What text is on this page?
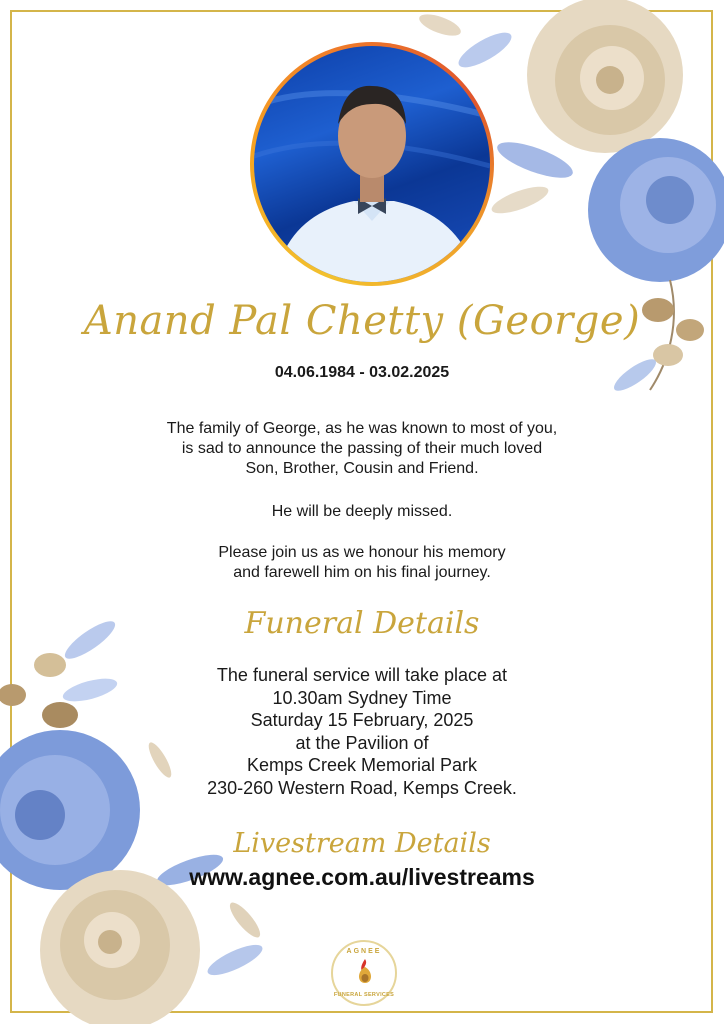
Anand Pal Chetty (George)
04.06.1984 - 03.02.2025
The family of George, as he was known to most of you,
is sad to announce the passing of their much loved
Son, Brother, Cousin and Friend.
He will be deeply missed.
Please join us as we honour his memory
and farewell him on his final journey.
Funeral Details
The funeral service will take place at
10.30am Sydney Time
Saturday 15 February, 2025
at the Pavilion of
Kemps Creek Memorial Park
230-260 Western Road, Kemps Creek.
Livestream Details
www.agnee.com.au/livestreams
AGNEE
FUNERAL SERVICES
